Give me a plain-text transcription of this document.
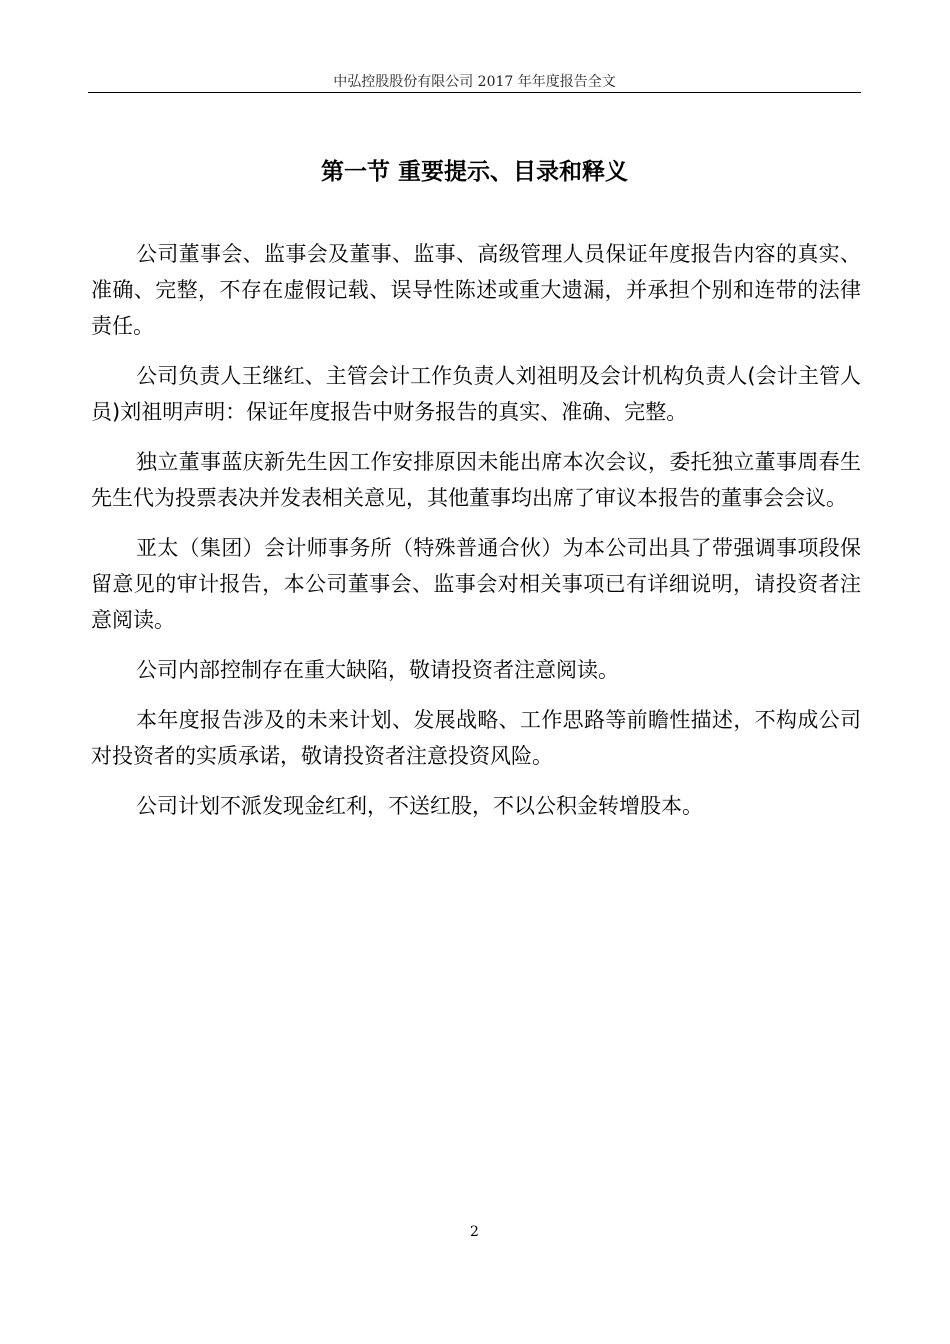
中弘控股股份有限公司 2017 年年度报告全文
第一节 重要提示、目录和释义

公司董事会、监事会及董事、监事、高级管理人员保证年度报告内容的真实、准确、完整，不存在虚假记载、误导性陈述或重大遗漏，并承担个别和连带的法律责任。

公司负责人王继红、主管会计工作负责人刘祖明及会计机构负责人(会计主管人员)刘祖明声明：保证年度报告中财务报告的真实、准确、完整。

独立董事蓝庆新先生因工作安排原因未能出席本次会议，委托独立董事周春生先生代为投票表决并发表相关意见，其他董事均出席了审议本报告的董事会会议。

亚太（集团）会计师事务所（特殊普通合伙）为本公司出具了带强调事项段保留意见的审计报告，本公司董事会、监事会对相关事项已有详细说明，请投资者注意阅读。

公司内部控制存在重大缺陷，敬请投资者注意阅读。

本年度报告涉及的未来计划、发展战略、工作思路等前瞻性描述，不构成公司对投资者的实质承诺，敬请投资者注意投资风险。

公司计划不派发现金红利，不送红股，不以公积金转增股本。

2
